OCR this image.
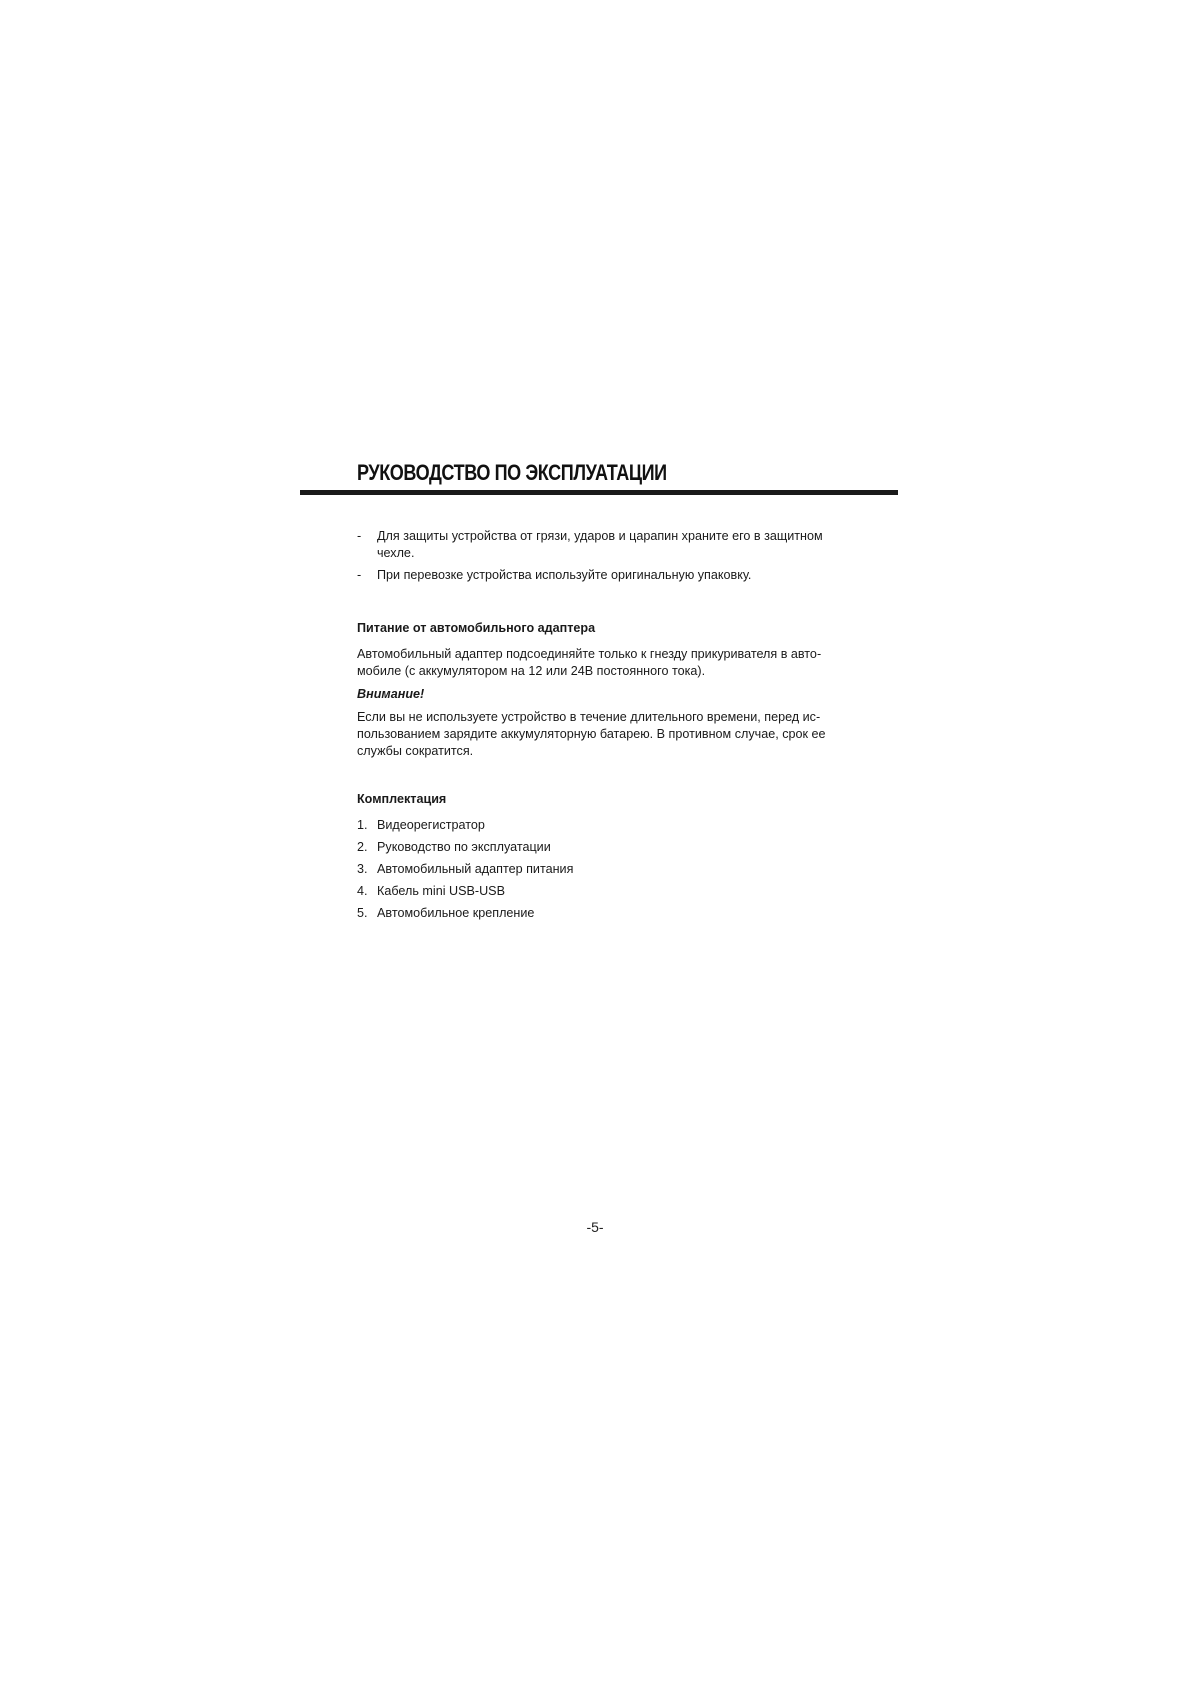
РУКОВОДСТВО ПО ЭКСПЛУАТАЦИИ
- Для защиты устройства от грязи, ударов и царапин храните его в защитном чехле.
- При перевозке устройства используйте оригинальную упаковку.
Питание от автомобильного адаптера

Автомобильный адаптер подсоединяйте только к гнезду прикуривателя в авто-мобиле (с аккумулятором на 12 или 24В постоянного тока).

Внимание!

Если вы не используете устройство в течение длительного времени, перед ис-пользованием зарядите аккумуляторную батарею. В противном случае, срок ее службы сократится.

Комплектация
1. Видеорегистратор
2. Руководство по эксплуатации
3. Автомобильный адаптер питания
4. Кабель mini USB-USB
5. Автомобильное крепление
-5-
